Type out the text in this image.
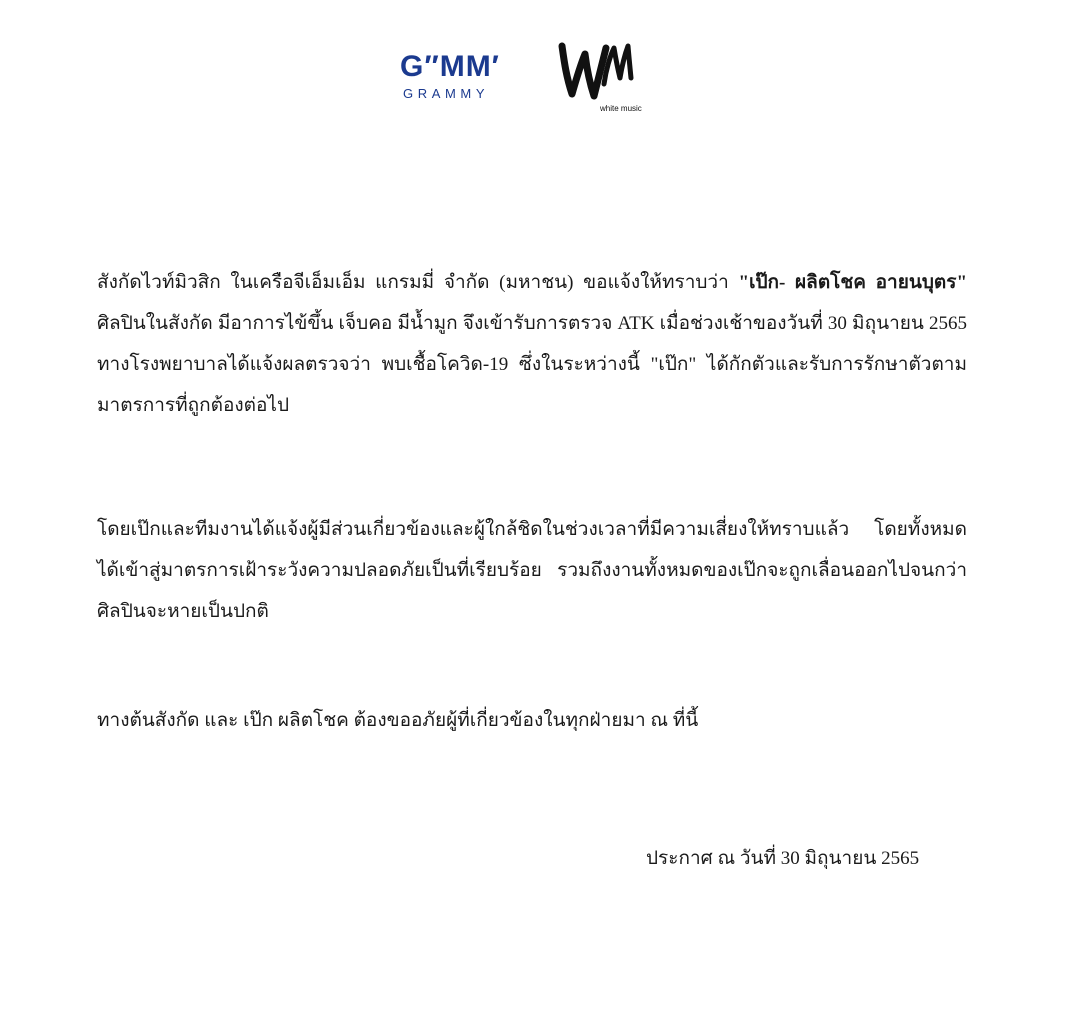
G″MM′
GRAMMY
white music

สังกัดไวท์มิวสิก ในเครือจีเอ็มเอ็ม แกรมมี่ จำกัด (มหาชน) ขอแจ้งให้ทราบว่า "เป๊ก- ผลิตโชค อายนบุตร" ศิลปินในสังกัด มีอาการไข้ขึ้น เจ็บคอ มีน้ำมูก จึงเข้ารับการตรวจ ATK เมื่อช่วงเช้าของวันที่ 30 มิถุนายน 2565 ทางโรงพยาบาลได้แจ้งผลตรวจว่า พบเชื้อโควิด-19 ซึ่งในระหว่างนี้ "เป๊ก" ได้กักตัวและรับการรักษาตัวตามมาตรการที่ถูกต้องต่อไป

โดยเป๊กและทีมงานได้แจ้งผู้มีส่วนเกี่ยวข้องและผู้ใกล้ชิดในช่วงเวลาที่มีความเสี่ยงให้ทราบแล้ว โดยทั้งหมดได้เข้าสู่มาตรการเฝ้าระวังความปลอดภัยเป็นที่เรียบร้อย รวมถึงงานทั้งหมดของเป๊กจะถูกเลื่อนออกไปจนกว่าศิลปินจะหายเป็นปกติ

ทางต้นสังกัด และ เป๊ก ผลิตโชค ต้องขออภัยผู้ที่เกี่ยวข้องในทุกฝ่ายมา ณ ที่นี้

ประกาศ ณ วันที่ 30 มิถุนายน 2565
